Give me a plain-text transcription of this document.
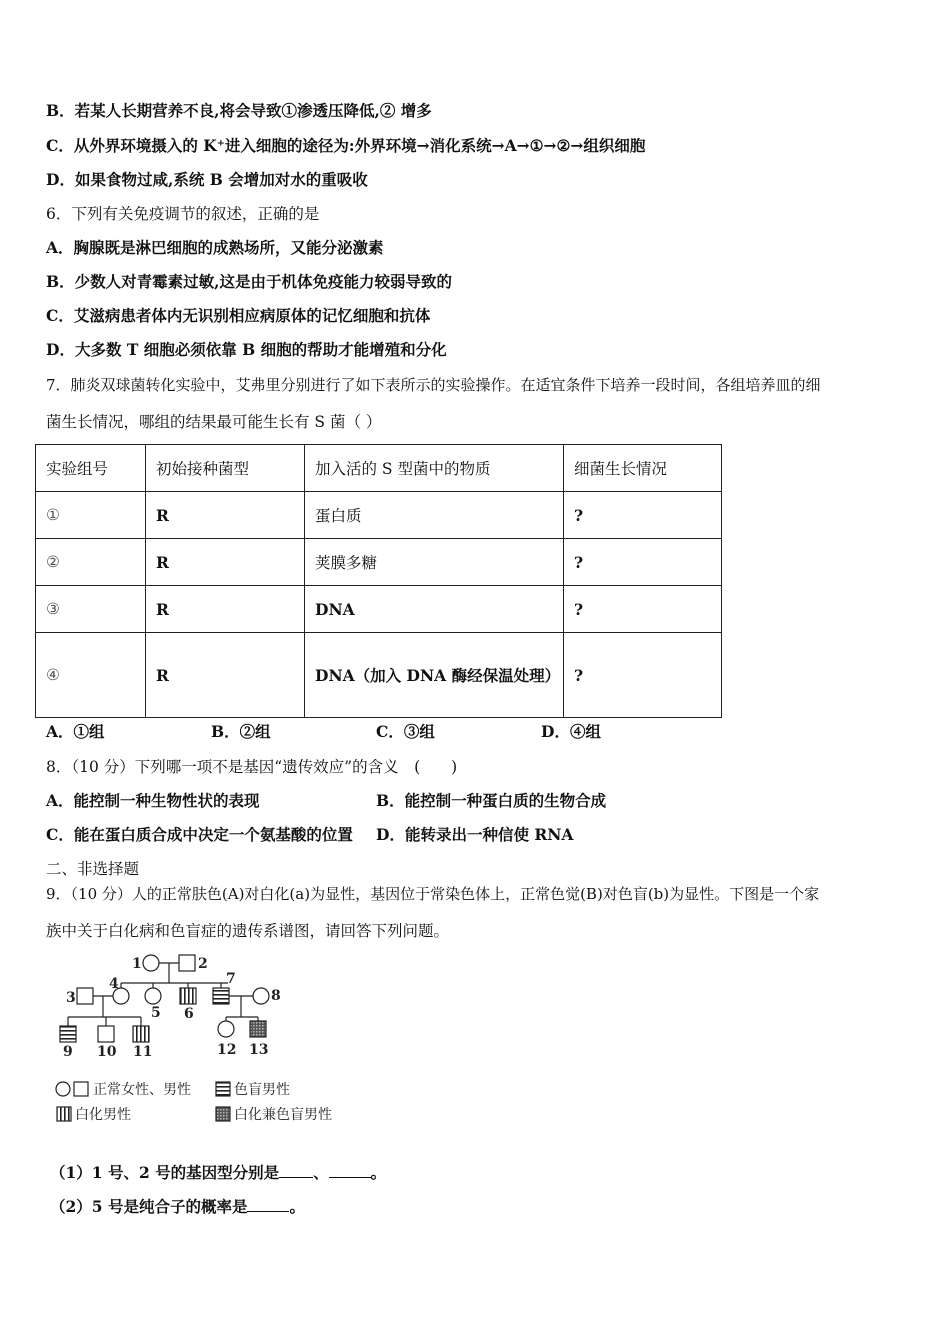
B．若某人长期营养不良,将会导致①渗透压降低,② 增多
C．从外界环境摄入的 K⁺进入细胞的途径为:外界环境→消化系统→A→①→②→组织细胞
D．如果食物过咸,系统 B 会增加对水的重吸收
6．下列有关免疫调节的叙述，正确的是
A．胸腺既是淋巴细胞的成熟场所，又能分泌激素
B．少数人对青霉素过敏,这是由于机体免疫能力较弱导致的
C．艾滋病患者体内无识别相应病原体的记忆细胞和抗体
D．大多数 T 细胞必须依靠 B 细胞的帮助才能增殖和分化
7．肺炎双球菌转化实验中，艾弗里分别进行了如下表所示的实验操作。在适宜条件下培养一段时间，各组培养皿的细
菌生长情况，哪组的结果最可能生长有 S 菌（ ）
实验组号	初始接种菌型	加入活的 S 型菌中的物质	细菌生长情况
①	R	蛋白质	?
②	R	荚膜多糖	?
③	R	DNA	?
④	R	DNA（加入 DNA 酶经保温处理）	?
A．①组	B．②组	C．③组	D．④组
8．（10 分）下列哪一项不是基因“遗传效应”的含义　(　　)
A．能控制一种生物性状的表现	B．能控制一种蛋白质的生物合成
C．能在蛋白质合成中决定一个氨基酸的位置 D．能转录出一种信使 RNA
二、非选择题
9．（10 分）人的正常肤色(A)对白化(a)为显性，基因位于常染色体上，正常色觉(B)对色盲(b)为显性。下图是一个家
族中关于白化病和色盲症的遗传系谱图，请回答下列问题。
1	2
3
4
5 6
7
8
9 10 11	12 13
正常女性、男性	色盲男性
白化男性	白化兼色盲男性
（1）1 号、2 号的基因型分别是 、	。
（2）5 号是纯合子的概率是	。
